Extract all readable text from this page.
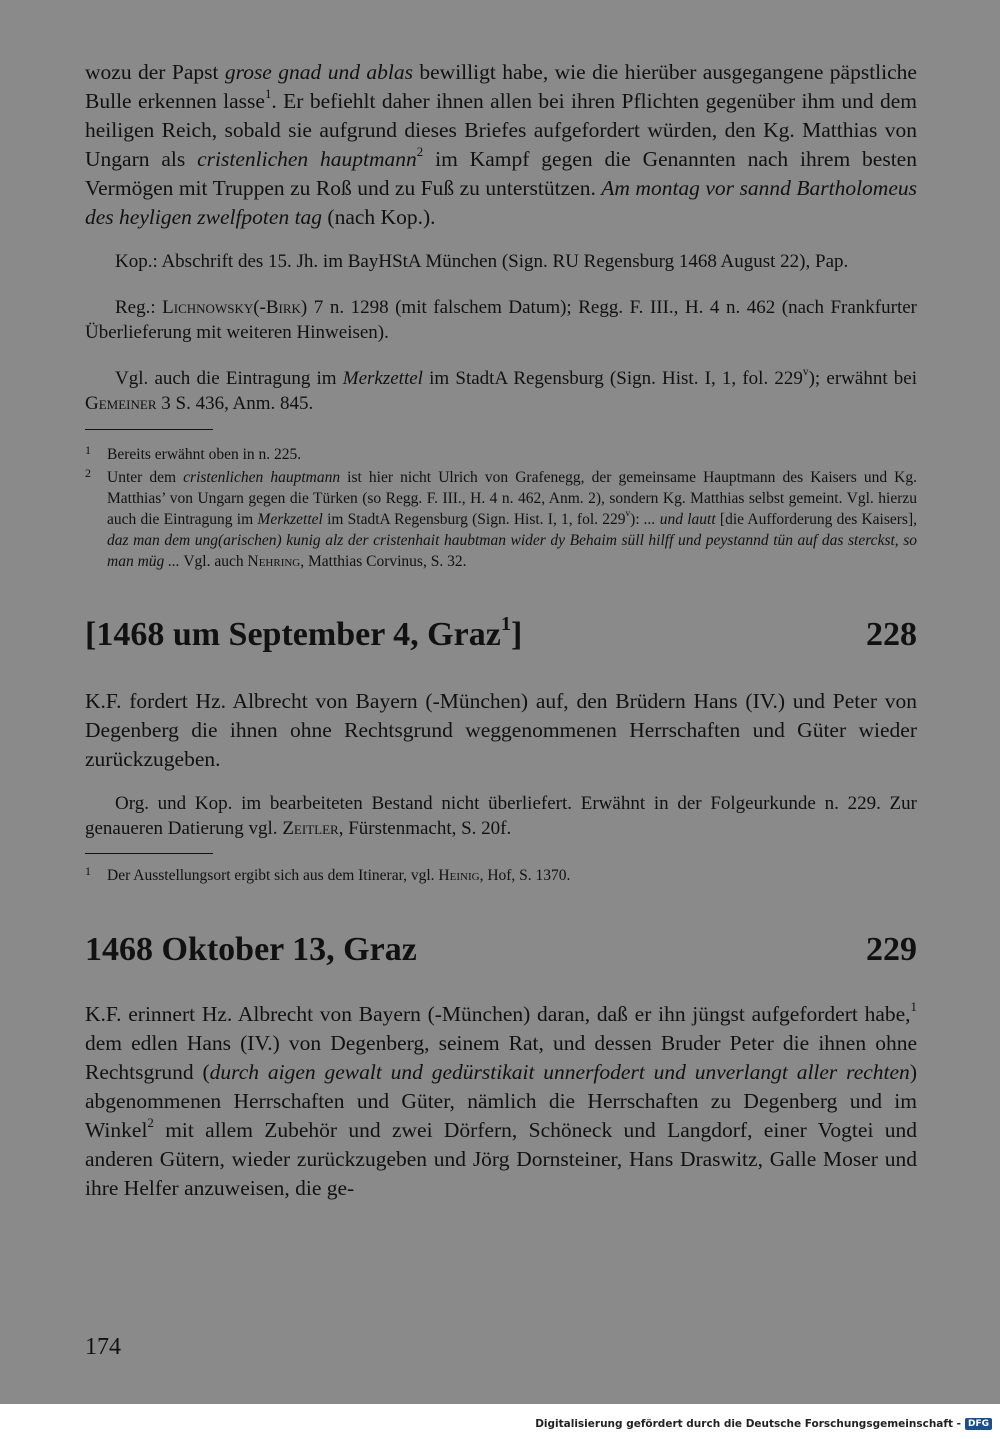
wozu der Papst grose gnad und ablas bewilligt habe, wie die hierüber ausgegangene päpstliche Bulle erkennen lasse$^1$. Er befiehlt daher ihnen allen bei ihren Pflichten gegenüber ihm und dem heiligen Reich, sobald sie aufgrund dieses Briefes aufgefordert würden, den Kg. Matthias von Ungarn als cristenlichen hauptmann$^2$ im Kampf gegen die Genannten nach ihrem besten Vermögen mit Truppen zu Roß und zu Fuß zu unterstützen. Am montag vor sannd Bartholomeus des heyligen zwelfpoten tag (nach Kop.).

Kop.: Abschrift des 15. Jh. im BayHStA München (Sign. RU Regensburg 1468 August 22), Pap.

Reg.: Lichnowsky(-Birk) 7 n. 1298 (mit falschem Datum); Regg. F. III., H. 4 n. 462 (nach Frankfurter Überlieferung mit weiteren Hinweisen).

Vgl. auch die Eintragung im Merkzettel im StadtA Regensburg (Sign. Hist. I, 1, fol. 229$^v$); erwähnt bei Gemeiner 3 S. 436, Anm. 845.

1 Bereits erwähnt oben in n. 225.
2 Unter dem cristenlichen hauptmann ist hier nicht Ulrich von Grafenegg, der gemeinsame Hauptmann des Kaisers und Kg. Matthias’ von Ungarn gegen die Türken (so Regg. F. III., H. 4 n. 462, Anm. 2), sondern Kg. Matthias selbst gemeint. Vgl. hierzu auch die Eintragung im Merkzettel im StadtA Regensburg (Sign. Hist. I, 1, fol. 229$^v$): ... und lautt [die Aufforderung des Kaisers], daz man dem ung(arischen) kunig alz der cristenhait haubtman wider dy Behaim süll hilff und peystannd tün auf das sterckst, so man müg ... Vgl. auch Nehring, Matthias Corvinus, S. 32.
[1468 um September 4, Graz$^1$]	228

K.F. fordert Hz. Albrecht von Bayern (-München) auf, den Brüdern Hans (IV.) und Peter von Degenberg die ihnen ohne Rechtsgrund weggenommenen Herrschaften und Güter wieder zurückzugeben.

Org. und Kop. im bearbeiteten Bestand nicht überliefert. Erwähnt in der Folgeurkunde n. 229. Zur genaueren Datierung vgl. Zeitler, Fürstenmacht, S. 20f.

1 Der Ausstellungsort ergibt sich aus dem Itinerar, vgl. Heinig, Hof, S. 1370.
1468 Oktober 13, Graz	229

K.F. erinnert Hz. Albrecht von Bayern (-München) daran, daß er ihn jüngst aufgefordert habe,$^1$ dem edlen Hans (IV.) von Degenberg, seinem Rat, und dessen Bruder Peter die ihnen ohne Rechtsgrund (durch aigen gewalt und gedürstikait unnerfodert und unverlangt aller rechten) abgenommenen Herrschaften und Güter, nämlich die Herrschaften zu Degenberg und im Winkel$^2$ mit allem Zubehör und zwei Dörfern, Schöneck und Langdorf, einer Vogtei und anderen Gütern, wieder zurückzugeben und Jörg Dornsteiner, Hans Draswitz, Galle Moser und ihre Helfer anzuweisen, die ge-

174
Digitalisierung gefördert durch die Deutsche Forschungsgemeinschaft - DFG
